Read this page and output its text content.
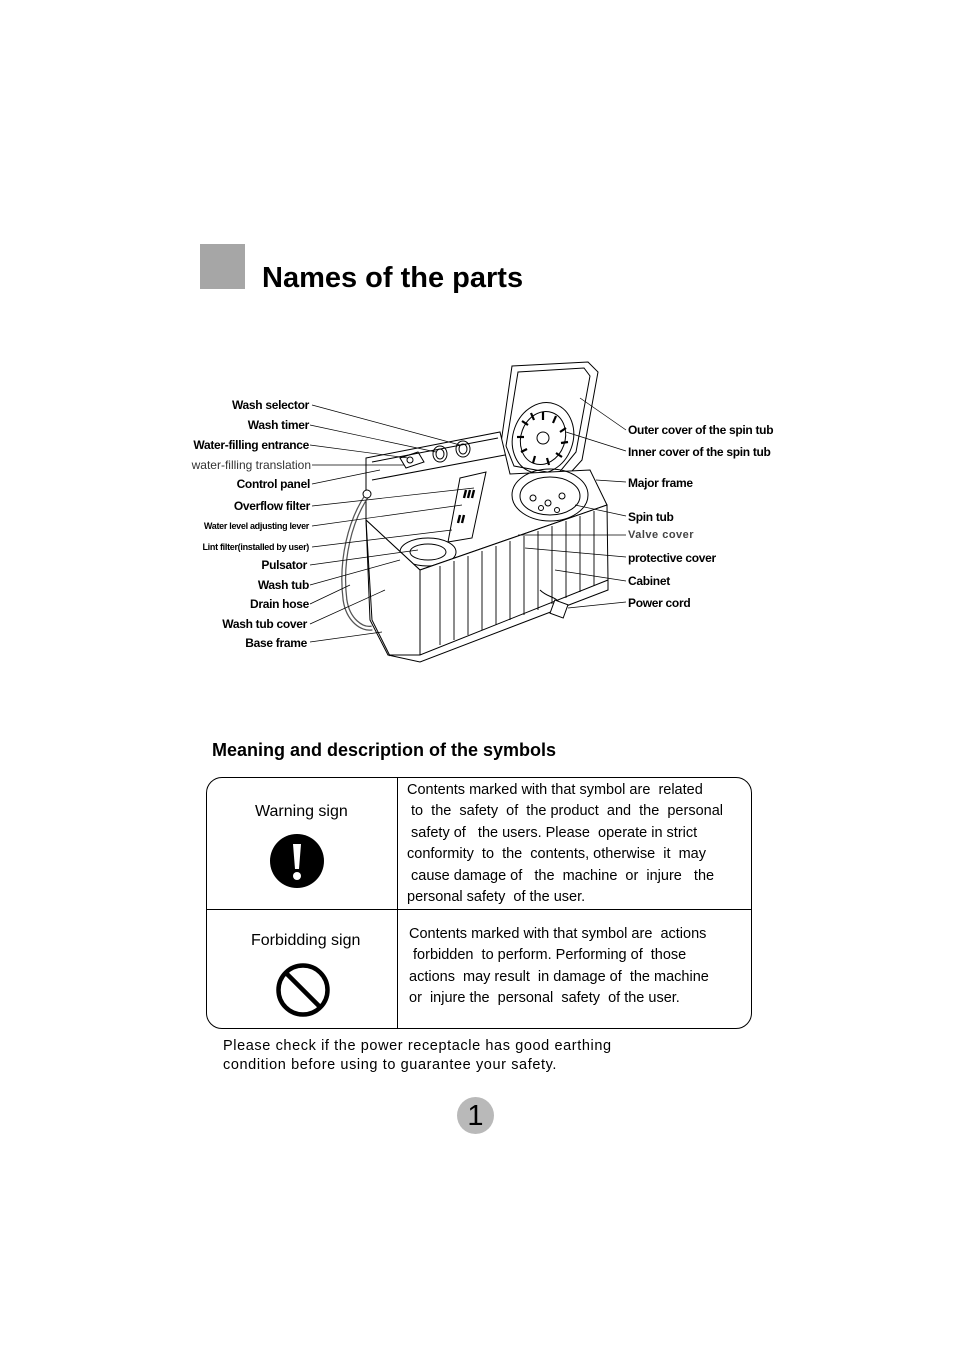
Names of the parts
Wash selector
Wash timer
Water-filling entrance
water-filling translation
Control panel
Overflow filter
Water level adjusting lever
Lint filter(installed by user)
Pulsator
Wash tub
Drain hose
Wash tub cover
Base frame
Outer cover of the spin tub
Inner cover of the spin tub
Major frame
Spin tub
Valve cover
protective cover
Cabinet
Power cord
Meaning and description of the symbols
Warning sign
Contents marked with that symbol are  related
to  the  safety  of  the product  and  the  personal
safety of   the users. Please  operate in strict
conformity  to  the  contents, otherwise  it  may
cause damage of   the  machine  or  injure   the
personal safety  of the user.
Forbidding sign	Contents marked with that symbol are  actions
forbidden  to perform. Performing of  those
actions  may result  in damage of  the machine
or  injure the  personal  safety  of the user.
Please check if the power receptacle has good earthing
condition before using to guarantee your safety.
1
